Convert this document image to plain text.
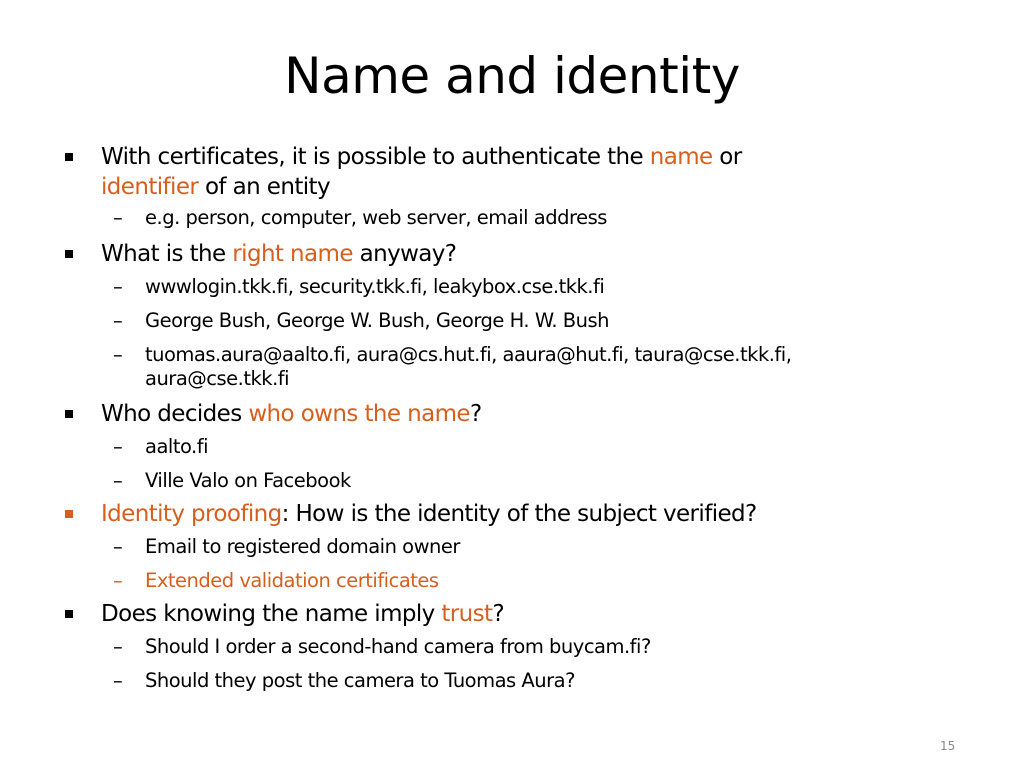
Name and identity
With certificates, it is possible to authenticate the name or
identifier of an entity
– e.g. person, computer, web server, email address
What is the right name anyway?
– wwwlogin.tkk.fi, security.tkk.fi, leakybox.cse.tkk.fi
– George Bush, George W. Bush, George H. W. Bush
– tuomas.aura@aalto.fi, aura@cs.hut.fi, aaura@hut.fi, taura@cse.tkk.fi,
aura@cse.tkk.fi
Who decides who owns the name?
– aalto.fi
– Ville Valo on Facebook
Identity proofing: How is the identity of the subject verified?
– Email to registered domain owner
– Extended validation certificates
Does knowing the name imply trust?
– Should I order a second-hand camera from buycam.fi?
– Should they post the camera to Tuomas Aura?
15
